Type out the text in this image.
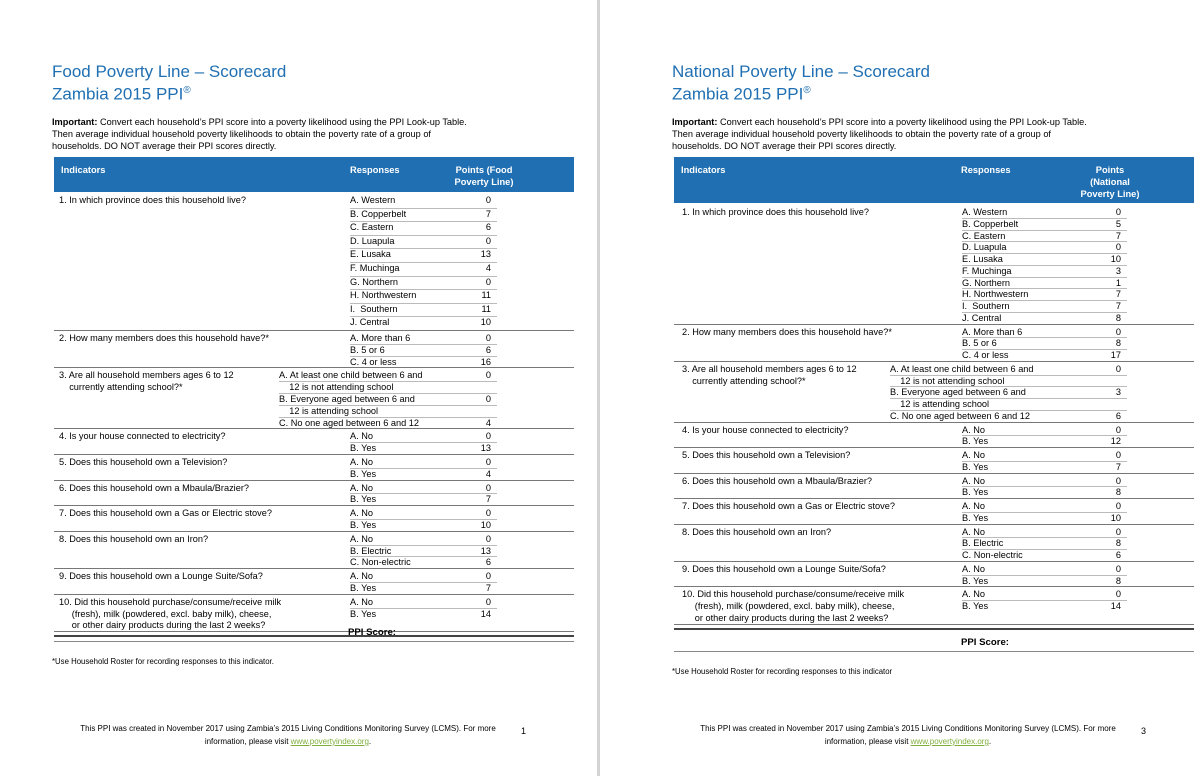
Food Poverty Line – Scorecard
Zambia 2015 PPI®
Important: Convert each household’s PPI score into a poverty likelihood using the PPI Look-up Table.
Then average individual household poverty likelihoods to obtain the poverty rate of a group of
households. DO NOT average their PPI scores directly.
Indicators	Responses	Points (Food
Poverty Line)
1. In which province does this household live?	A. Western	0
B. Copperbelt	7
C. Eastern	6
D. Luapula	0
E. Lusaka	13
F. Muchinga	4
G. Northern	0
H. Northwestern	11
I.  Southern	11
J. Central	10
2. How many members does this household have?*	A. More than 6	0
B. 5 or 6	6
C. 4 or less	16
3. Are all household members ages 6 to 12
currently attending school?*
A. At least one child between 6 and	0
12 is not attending school
B. Everyone aged between 6 and	0
12 is attending school
C. No one aged between 6 and 12	4
4. Is your house connected to electricity?	A. No	0
B. Yes	13
5. Does this household own a Television?	A. No	0
B. Yes	4
6. Does this household own a Mbaula/Brazier?	A. No	0
B. Yes	7
7. Does this household own a Gas or Electric stove?	A. No	0
B. Yes	10
8. Does this household own an Iron?	A. No	0
B. Electric	13
C. Non-electric	6
9. Does this household own a Lounge Suite/Sofa?	A. No	0
B. Yes	7
10. Did this household purchase/consume/receive milk
(fresh), milk (powdered, excl. baby milk), cheese,
or other dairy products during the last 2 weeks?
A. No	0
B. Yes	14
PPI Score:
*Use Household Roster for recording responses to this indicator.
This PPI was created in November 2017 using Zambia’s 2015 Living Conditions Monitoring Survey (LCMS). For more
information, please visit www.povertyindex.org.
1
National Poverty Line – Scorecard
Zambia 2015 PPI®
Important: Convert each household’s PPI score into a poverty likelihood using the PPI Look-up Table.
Then average individual household poverty likelihoods to obtain the poverty rate of a group of
households. DO NOT average their PPI scores directly.
Indicators	Responses	Points
(National
Poverty Line)
1. In which province does this household live?	A. Western	0
B. Copperbelt	5
C. Eastern	7
D. Luapula	0
E. Lusaka	10
F. Muchinga	3
G. Northern	1
H. Northwestern	7
I.  Southern	7
J. Central	8
2. How many members does this household have?*	A. More than 6	0
B. 5 or 6	8
C. 4 or less	17
3. Are all household members ages 6 to 12
currently attending school?*
A. At least one child between 6 and	0
12 is not attending school
B. Everyone aged between 6 and	3
12 is attending school
C. No one aged between 6 and 12	6
4. Is your house connected to electricity?	A. No	0
B. Yes	12
5. Does this household own a Television?	A. No	0
B. Yes	7
6. Does this household own a Mbaula/Brazier?	A. No	0
B. Yes	8
7. Does this household own a Gas or Electric stove?	A. No	0
B. Yes	10
8. Does this household own an Iron?	A. No	0
B. Electric	8
C. Non-electric	6
9. Does this household own a Lounge Suite/Sofa?	A. No	0
B. Yes	8
10. Did this household purchase/consume/receive milk
(fresh), milk (powdered, excl. baby milk), cheese,
or other dairy products during the last 2 weeks?
A. No	0
B. Yes	14
PPI Score:
*Use Household Roster for recording responses to this indicator
This PPI was created in November 2017 using Zambia’s 2015 Living Conditions Monitoring Survey (LCMS). For more
information, please visit www.povertyindex.org.
3
